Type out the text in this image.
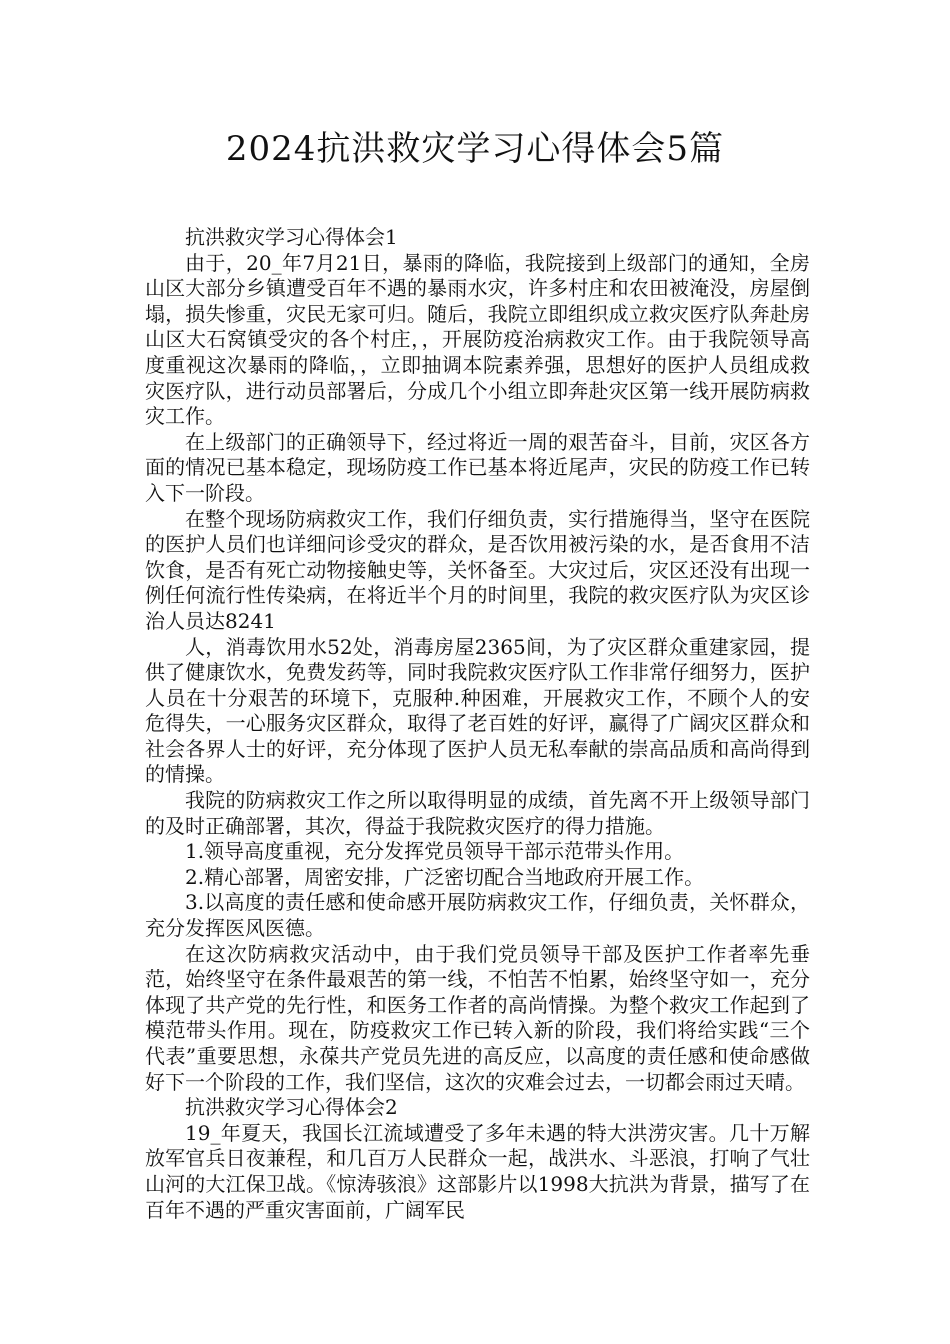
2024抗洪救灾学习心得体会5篇

抗洪救灾学习心得体会1

由于，20_年7月21日，暴雨的降临，我院接到上级部门的通知，全房山区大部分乡镇遭受百年不遇的暴雨水灾，许多村庄和农田被淹没，房屋倒塌，损失惨重，灾民无家可归。随后，我院立即组织成立救灾医疗队奔赴房山区大石窝镇受灾的各个村庄，，开展防疫治病救灾工作。由于我院领导高度重视这次暴雨的降临，，立即抽调本院素养强，思想好的医护人员组成救灾医疗队，进行动员部署后，分成几个小组立即奔赴灾区第一线开展防病救灾工作。

在上级部门的正确领导下，经过将近一周的艰苦奋斗，目前，灾区各方面的情况已基本稳定，现场防疫工作已基本将近尾声，灾民的防疫工作已转入下一阶段。

在整个现场防病救灾工作，我们仔细负责，实行措施得当，坚守在医院的医护人员们也详细问诊受灾的群众，是否饮用被污染的水，是否食用不洁饮食，是否有死亡动物接触史等，关怀备至。大灾过后，灾区还没有出现一例任何流行性传染病，在将近半个月的时间里，我院的救灾医疗队为灾区诊治人员达8241

人，消毒饮用水52处，消毒房屋2365间，为了灾区群众重建家园，提供了健康饮水，免费发药等，同时我院救灾医疗队工作非常仔细努力，医护人员在十分艰苦的环境下，克服种.种困难，开展救灾工作，不顾个人的安危得失，一心服务灾区群众，取得了老百姓的好评，赢得了广阔灾区群众和社会各界人士的好评，充分体现了医护人员无私奉献的崇高品质和高尚得到的情操。

我院的防病救灾工作之所以取得明显的成绩，首先离不开上级领导部门的及时正确部署，其次，得益于我院救灾医疗的得力措施。

1.领导高度重视，充分发挥党员领导干部示范带头作用。

2.精心部署，周密安排，广泛密切配合当地政府开展工作。

3.以高度的责任感和使命感开展防病救灾工作，仔细负责，关怀群众，充分发挥医风医德。

在这次防病救灾活动中，由于我们党员领导干部及医护工作者率先垂范，始终坚守在条件最艰苦的第一线，不怕苦不怕累，始终坚守如一，充分体现了共产党的先行性，和医务工作者的高尚情操。为整个救灾工作起到了模范带头作用。现在，防疫救灾工作已转入新的阶段，我们将给实践“三个代表”重要思想，永葆共产党员先进的高反应，以高度的责任感和使命感做好下一个阶段的工作，我们坚信，这次的灾难会过去，一切都会雨过天晴。

抗洪救灾学习心得体会2

19_年夏天，我国长江流域遭受了多年未遇的特大洪涝灾害。几十万解放军官兵日夜兼程，和几百万人民群众一起，战洪水、斗恶浪，打响了气壮山河的大江保卫战。《惊涛骇浪》这部影片以1998大抗洪为背景，描写了在百年不遇的严重灾害面前，广阔军民
